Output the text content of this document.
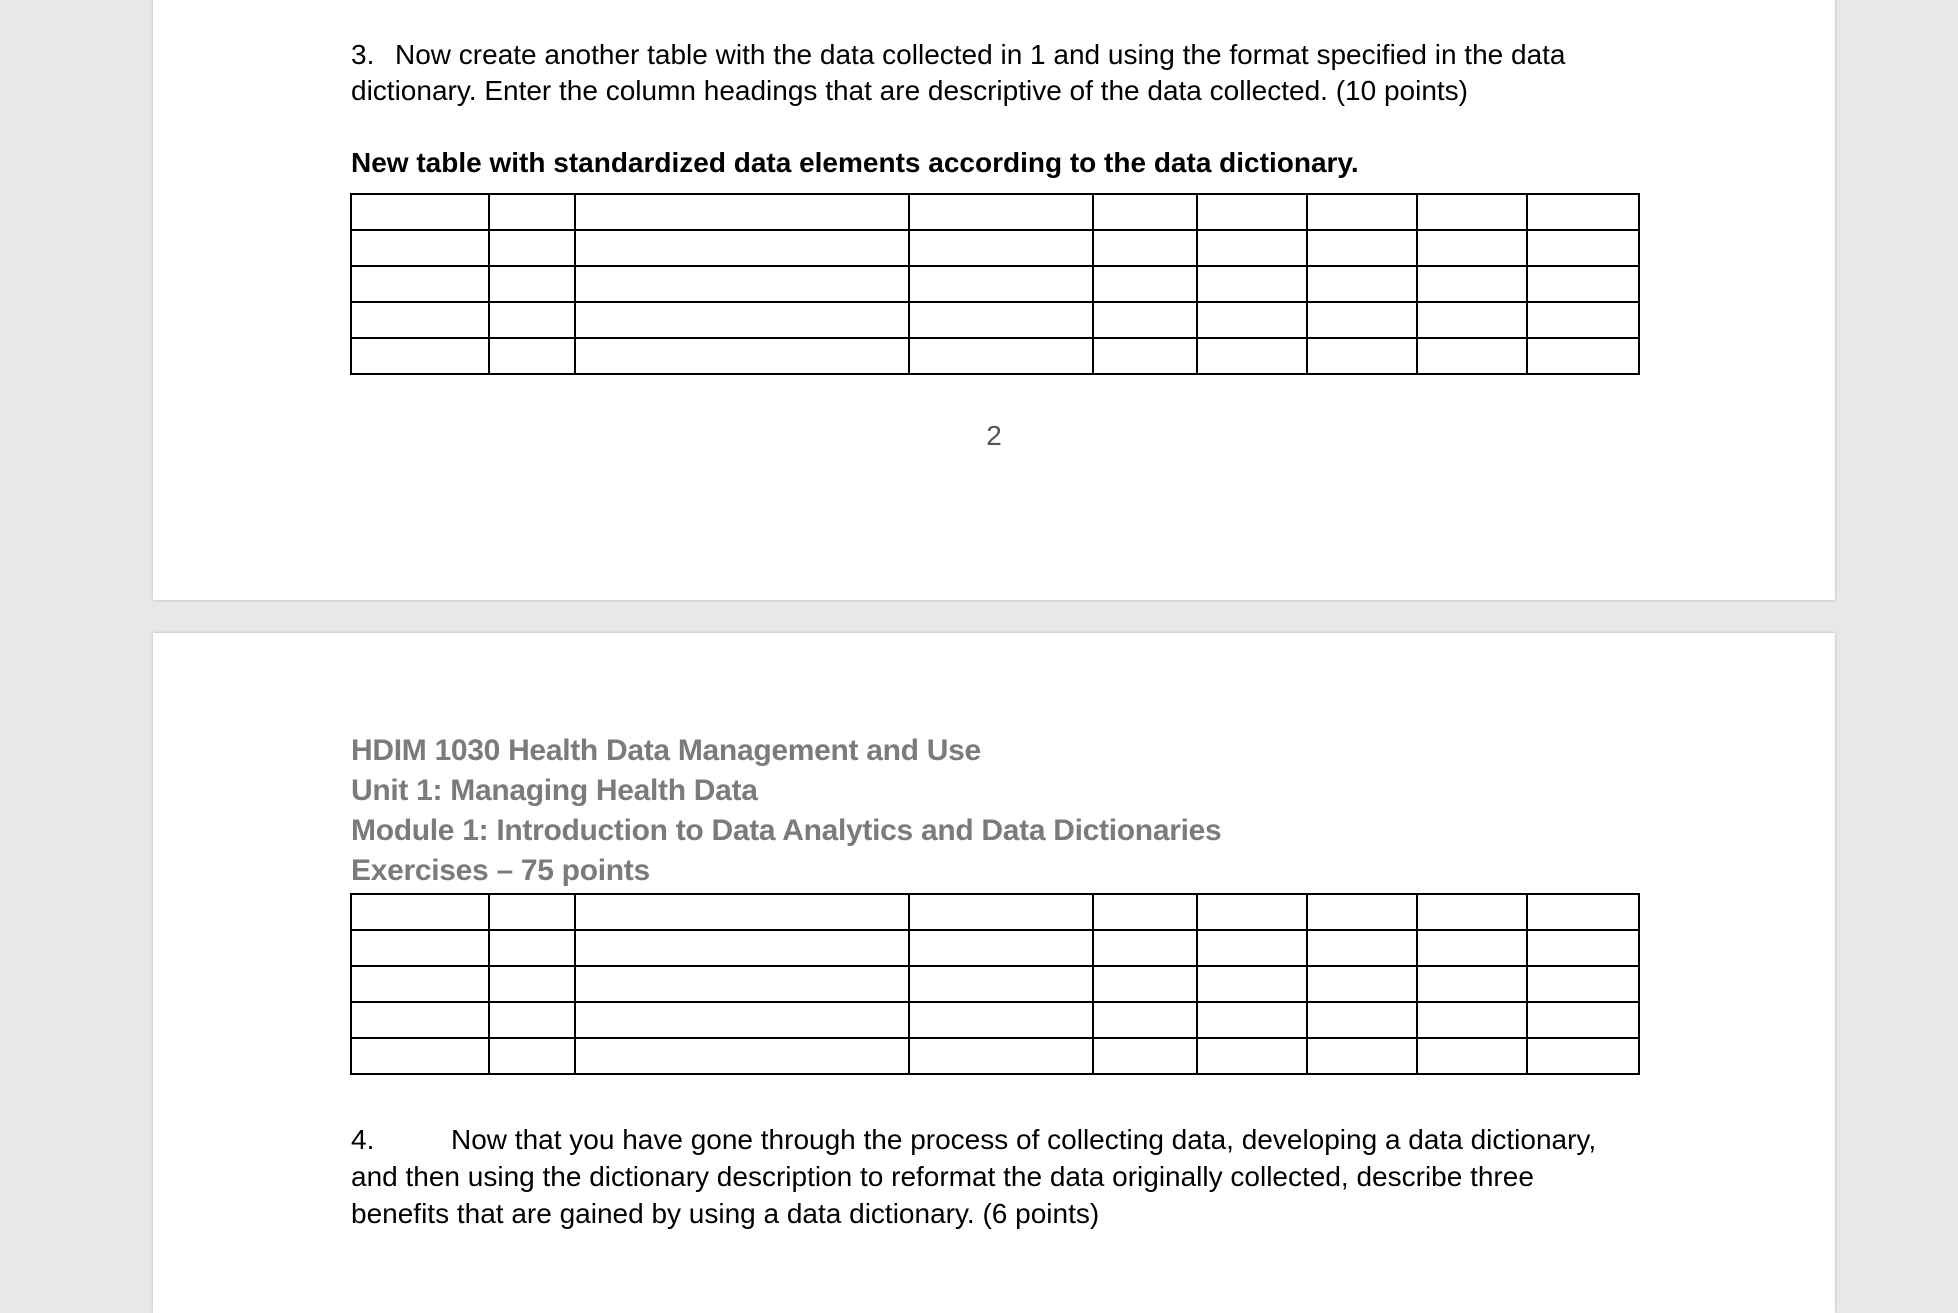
3. Now create another table with the data collected in 1 and using the format specified in the data
dictionary. Enter the column headings that are descriptive of the data collected. (10 points)
New table with standardized data elements according to the data dictionary.

2
HDIM 1030 Health Data Management and Use
Unit 1: Managing Health Data
Module 1: Introduction to Data Analytics and Data Dictionaries
Exercises – 75 points

4.	Now that you have gone through the process of collecting data, developing a data dictionary,
and then using the dictionary description to reformat the data originally collected, describe three
benefits that are gained by using a data dictionary. (6 points)
